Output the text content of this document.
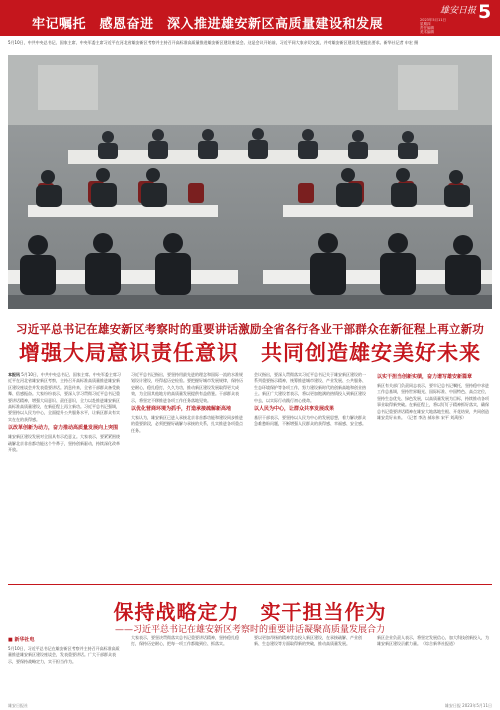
牢记嘱托　感恩奋进　深入推进雄安新区高质量建设和发展
雄安日报 5
2023年5月11日
星期四
责任编辑
美术编辑
5月10日，中共中央总书记、国家主席、中央军委主席习近平在河北省雄安新区考察并主持召开高标准高质量推进雄安新区建设座谈会。这是会议开始前，习近平同大家亲切交流，并对雄安新区建设发展提出要求。新华社记者 申宏 摄
习近平总书记在雄安新区考察时的重要讲话激励全省各行各业干部群众在新征程上再立新功
增强大局意识责任意识　共同创造雄安美好未来
本报讯 5月10日，中共中央总书记、国家主席、中央军委主席习近平在河北省雄安新区考察，主持召开高标准高质量推进雄安新区建设座谈会并发表重要讲话。消息传来，全省干部群众备受鼓舞、倍感振奋。大家纷纷表示，要深入学习贯彻习近平总书记重要讲话精神，增强大局意识、责任意识，全力以赴推进雄安新区高标准高质量建设，在新征程上再立新功。习近平总书记强调，要坚持以人民为中心，全面提升公共服务水平，让新区群众有实实在在的获得感。
以改革创新为动力，奋力推动高质量发展向上突围
雄安新区建设发展对全国具有示范意义。大家表示，要紧紧围绕疏解北京非首都功能这个牛鼻子，坚持创新驱动，持续深化改革开放。
习近平总书记指出，要坚持用最先进的理念和国际一流的水准规划设计建设，经得起历史检验。要把握好城市发展规律，保持历史耐心，稳扎稳打，久久为功，推动新区建设发展取得更大成效，为全国其他地方的高质量发展提供有益借鉴。干部群众表示，将坚定不移推进各项工作任务落地见效。
以优化营商环境为抓手，打造承接疏解新高地
大家认为，雄安新区已进入承接北京非首都功能和建设同步推进的重要阶段，必须把握好疏解与承接的关系，扎实推进各项重点任务。
会议指出，要深入贯彻落实习近平总书记关于雄安新区建设的一系列重要指示精神，统筹推进城市建设、产业发展、公共服务、生态环境保护等各项工作，努力建设新时代的创新高地和创业热土。新区广大建设者表示，将以更加饱满的热情投入到新区建设中去，以实际行动践行初心使命。
以人民为中心，让群众共享发展成果
基层干部表示，要坚持以人民为中心的发展思想，着力解决群众急难愁盼问题，不断增强人民群众的获得感、幸福感、安全感。
以实干担当创新实绩，奋力谱写雄安新篇章
新区有关部门负责同志表示，要牢记总书记嘱托，坚持稳中求进工作总基调，坚持世界眼光、国际标准、中国特色、高点定位，坚持生态优先、绿色发展，以高质量发展为目标，持续推动各项事业取得新突破。在新征程上，将以钉钉子精神抓好落实，确保总书记重要讲话精神在雄安大地落地生根、开花结果，共同创造雄安美好未来。（记者 李洁 郝东伟 宋平 刘禹彤）
保持战略定力　实干担当作为
——习近平总书记在雄安新区考察时的重要讲话凝聚高质量发展合力
■ 新华社电
5月10日，习近平总书记在雄安新区考察并主持召开高标准高质量推进雄安新区建设座谈会，发表重要讲话。广大干部群众表示，要保持战略定力，实干担当作为。
大家表示，要坚决贯彻落实总书记重要讲话精神，坚持稳扎稳打，保持历史耐心，把每一项工作都做到位、抓落实。
要以更加昂扬的精神状态投入新区建设，在承接疏解、产业创新、生态建设等方面取得新的突破，推动高质量发展。
新区企业负责人表示，将坚定发展信心，加大科技创新投入，为雄安新区建设贡献力量。（综合新华社报道）
雄安日报社	雄安日报 2023年5月11日
